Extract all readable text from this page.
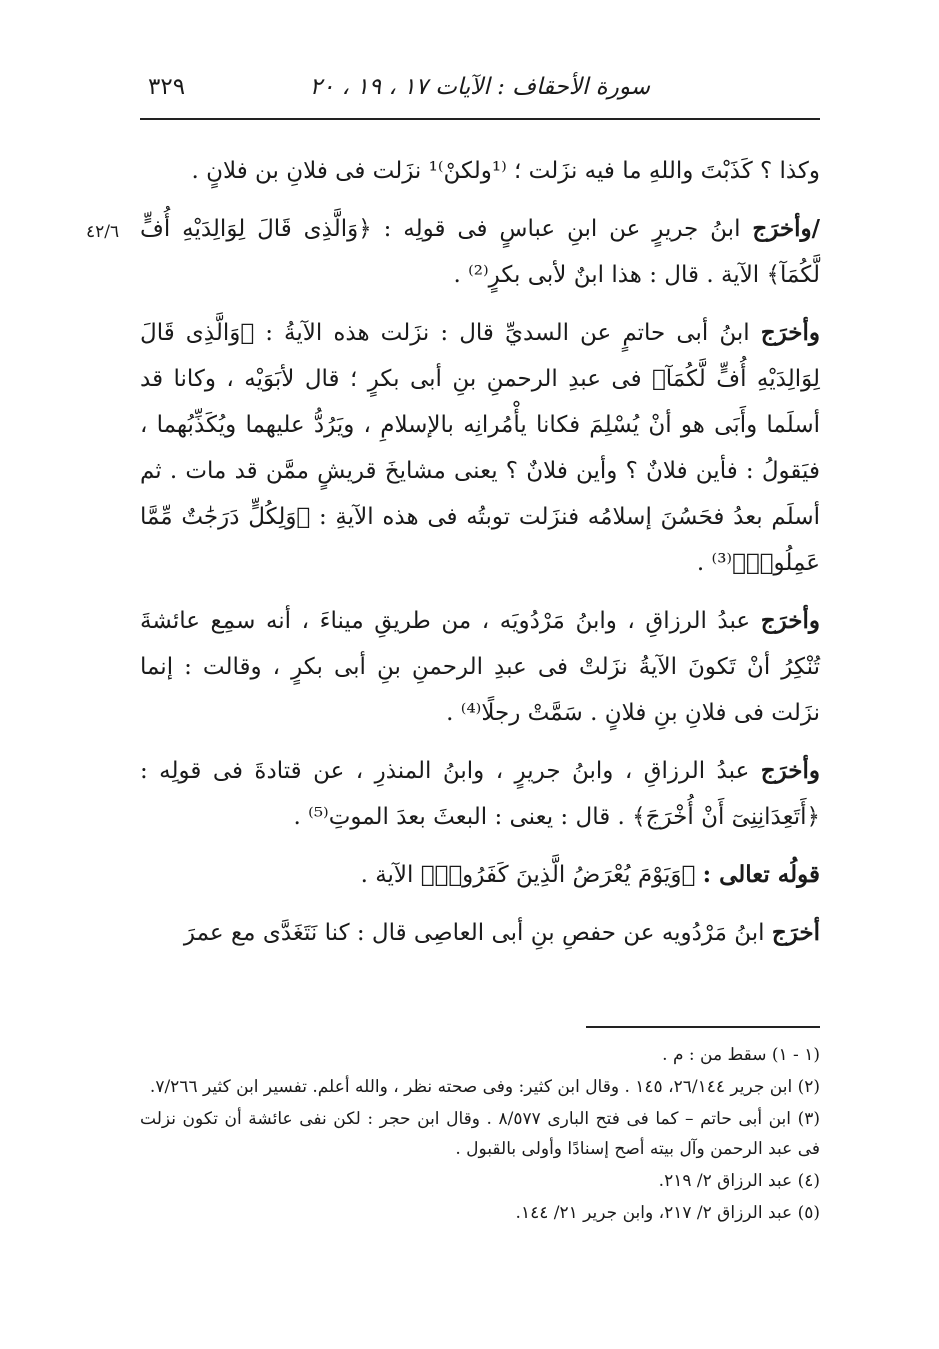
سورة الأحقاف : الآيات ١٧ ، ١٩ ، ٢٠
٣٢٩
٤٢/٦

وكذا ؟ كَذَبْتَ واللهِ ما فيه نزَلت ؛ ⁽¹ولكنْ⁾¹ نزَلت فى فلانِ بن فلانٍ .

/وأخرَج ابنُ جريرٍ عن ابنِ عباسٍ فى قولِه : ﴿وَالَّذِى قَالَ لِوَالِدَيْهِ أُفٍّ لَّكُمَآ﴾ الآية . قال : هذا ابنٌ لأبى بكرٍ⁽²⁾ .

وأخرَج ابنُ أبى حاتمٍ عن السديِّ قال : نزَلت هذه الآيةُ : ﴿وَالَّذِى قَالَ لِوَالِدَيْهِ أُفٍّ لَّكُمَآ﴾ فى عبدِ الرحمنِ بنِ أبى بكرٍ ؛ قال لأبَوَيْه ، وكانا قد أسلَما وأَبَى هو أنْ يُسْلِمَ فكانا يأْمُرانِه بالإسلامِ ، ويَرُدُّ عليهما ويُكَذِّبُهما ، فيَقولُ : فأين فلانٌ ؟ وأين فلانٌ ؟ يعنى مشايخَ قريشٍ ممَّن قد مات . ثم أسلَم بعدُ فحَسُنَ إسلامُه فنزَلت توبتُه فى هذه الآيةِ : ﴿وَلِكُلٍّ دَرَجَٰتٌ مِّمَّا عَمِلُوا۟﴾⁽³⁾ .

وأخرَج عبدُ الرزاقِ ، وابنُ مَرْدُويَه ، من طريقِ ميناءَ ، أنه سمِع عائشةَ تُنْكِرُ أنْ تَكونَ الآيةُ نزَلتْ فى عبدِ الرحمنِ بنِ أبى بكرٍ ، وقالت : إنما نزَلت فى فلانِ بنِ فلانٍ . سَمَّتْ رجلًا⁽⁴⁾ .

وأخرَج عبدُ الرزاقِ ، وابنُ جريرٍ ، وابنُ المنذرِ ، عن قتادةَ فى قولِه : ﴿أَتَعِدَانِنِىٓ أَنْ أُخْرَجَ﴾ . قال : يعنى : البعثَ بعدَ الموتِ⁽⁵⁾ .

قولُه تعالى : ﴿وَيَوْمَ يُعْرَضُ الَّذِينَ كَفَرُوا۟﴾ الآية .

أخرَج ابنُ مَرْدُويه عن حفصِ بنِ أبى العاصِى قال : كنا نَتَغَدَّى مع عمرَ

(١ - ١) سقط من : م .

(٢) ابن جرير ٢٦/١٤٤، ١٤٥ . وقال ابن كثير: وفى صحته نظر ، والله أعلم. تفسير ابن كثير ٧/٢٦٦.

(٣) ابن أبى حاتم – كما فى فتح البارى ٨/٥٧٧ . وقال ابن حجر : لكن نفى عائشة أن تكون نزلت فى عبد الرحمن وآل بيته أصح إسنادًا وأولى بالقبول .

(٤) عبد الرزاق ٢/ ٢١٩.

(٥) عبد الرزاق ٢/ ٢١٧، وابن جرير ٢١/ ١٤٤.
